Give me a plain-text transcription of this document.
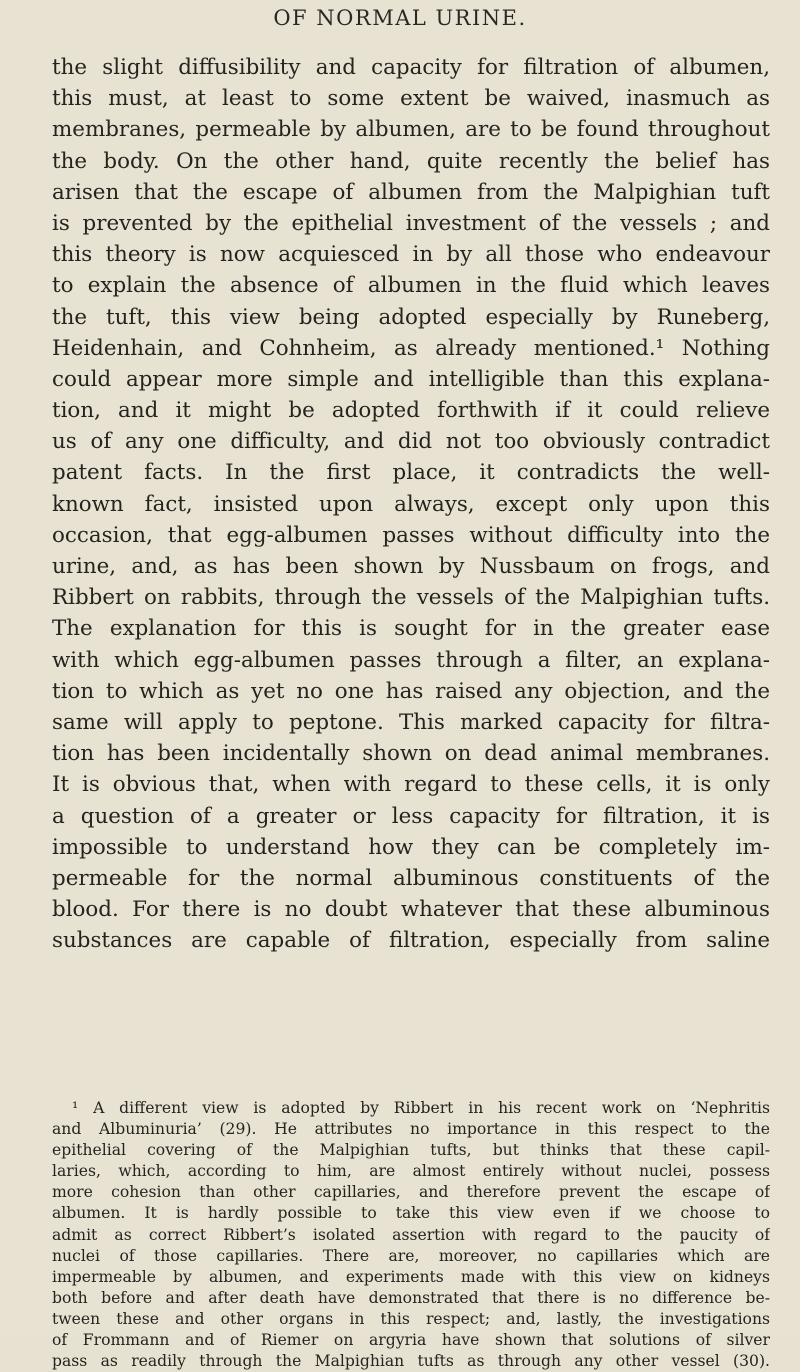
OF NORMAL URINE.
the slight diffusibility and capacity for filtration of albumen,
this must, at least to some extent be waived, inasmuch as
membranes, permeable by albumen, are to be found throughout
the body. On the other hand, quite recently the belief has
arisen that the escape of albumen from the Malpighian tuft
is prevented by the epithelial investment of the vessels ; and
this theory is now acquiesced in by all those who endeavour
to explain the absence of albumen in the fluid which leaves
the tuft, this view being adopted especially by Runeberg,
Heidenhain, and Cohnheim, as already mentioned.¹ Nothing
could appear more simple and intelligible than this explana-
tion, and it might be adopted forthwith if it could relieve
us of any one difficulty, and did not too obviously contradict
patent facts. In the first place, it contradicts the well-
known fact, insisted upon always, except only upon this
occasion, that egg-albumen passes without difficulty into the
urine, and, as has been shown by Nussbaum on frogs, and
Ribbert on rabbits, through the vessels of the Malpighian tufts.
The explanation for this is sought for in the greater ease
with which egg-albumen passes through a filter, an explana-
tion to which as yet no one has raised any objection, and the
same will apply to peptone. This marked capacity for filtra-
tion has been incidentally shown on dead animal membranes.
It is obvious that, when with regard to these cells, it is only
a question of a greater or less capacity for filtration, it is
impossible to understand how they can be completely im-
permeable for the normal albuminous constituents of the
blood. For there is no doubt whatever that these albuminous
substances are capable of filtration, especially from saline
¹ A different view is adopted by Ribbert in his recent work on ‘Nephritis
and Albuminuria’ (29). He attributes no importance in this respect to the
epithelial covering of the Malpighian tufts, but thinks that these capil-
laries, which, according to him, are almost entirely without nuclei, possess
more cohesion than other capillaries, and therefore prevent the escape of
albumen. It is hardly possible to take this view even if we choose to
admit as correct Ribbert’s isolated assertion with regard to the paucity of
nuclei of those capillaries. There are, moreover, no capillaries which are
impermeable by albumen, and experiments made with this view on kidneys
both before and after death have demonstrated that there is no difference be-
tween these and other organs in this respect; and, lastly, the investigations
of Frommann and of Riemer on argyria have shown that solutions of silver
pass as readily through the Malpighian tufts as through any other vessel (30).
